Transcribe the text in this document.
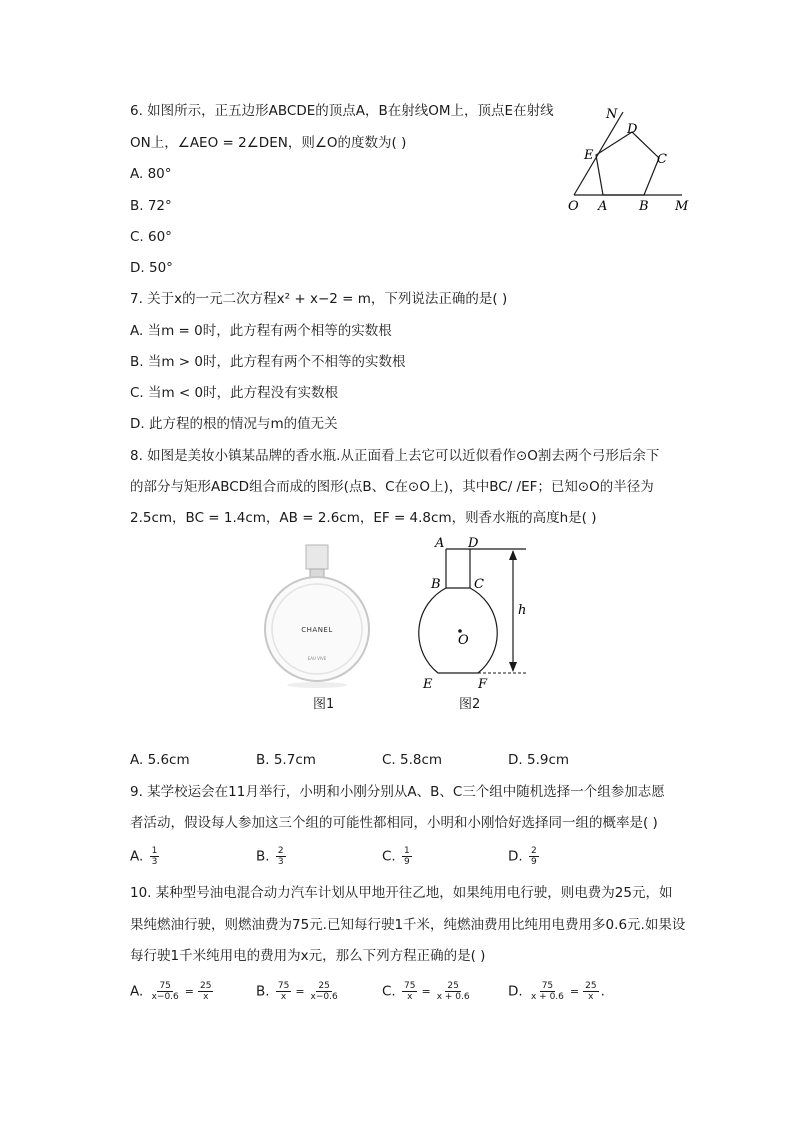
6. 如图所示，正五边形ABCDE的顶点A，B在射线OM上，顶点E在射线
ON上，∠AEO = 2∠DEN，则∠O的度数为( )
A. 80°
B. 72°
C. 60°
D. 50°
N
D
E	C
O A B M
7. 关于x的一元二次方程x² + x−2 = m，下列说法正确的是( )
A. 当m = 0时，此方程有两个相等的实数根
B. 当m > 0时，此方程有两个不相等的实数根
C. 当m < 0时，此方程没有实数根
D. 此方程的根的情况与m的值无关
8. 如图是美妆小镇某品牌的香水瓶.从正面看上去它可以近似看作⊙O割去两个弓形后余下
的部分与矩形ABCD组合而成的图形(点B、C在⊙O上)，其中BC/ /EF；已知⊙O的半径为
2.5cm，BC = 1.4cm，AB = 2.6cm，EF = 4.8cm，则香水瓶的高度h是( )
CHANEL
EAU VIVE
图1
A D
B	C
O
E	F
h
图2
A. 5.6cm	B. 5.7cm	C. 5.8cm	D. 5.9cm
9. 某学校运会在11月举行，小明和小刚分别从A、B、C三个组中随机选择一个组参加志愿
者活动，假设每人参加这三个组的可能性都相同，小明和小刚恰好选择同一组的概率是( )
A. $\frac{1}{3}$	B. $\frac{2}{3}$	C. $\frac{1}{9}$	D. $\frac{2}{9}$
10. 某种型号油电混合动力汽车计划从甲地开往乙地，如果纯用电行驶，则电费为25元，如
果纯燃油行驶，则燃油费为75元.已知每行驶1千米，纯燃油费用比纯用电费用多0.6元.如果设
每行驶1千米纯用电的费用为x元，那么下列方程正确的是( )
A. $\frac{75}{x-0.6} = \frac{25}{x}$	B. $\frac{75}{x} = \frac{25}{x-0.6}$	C. $\frac{75}{x} = \frac{25}{x + 0.6}$	D. $\frac{75}{x + 0.6} = \frac{25}{x}$ .
